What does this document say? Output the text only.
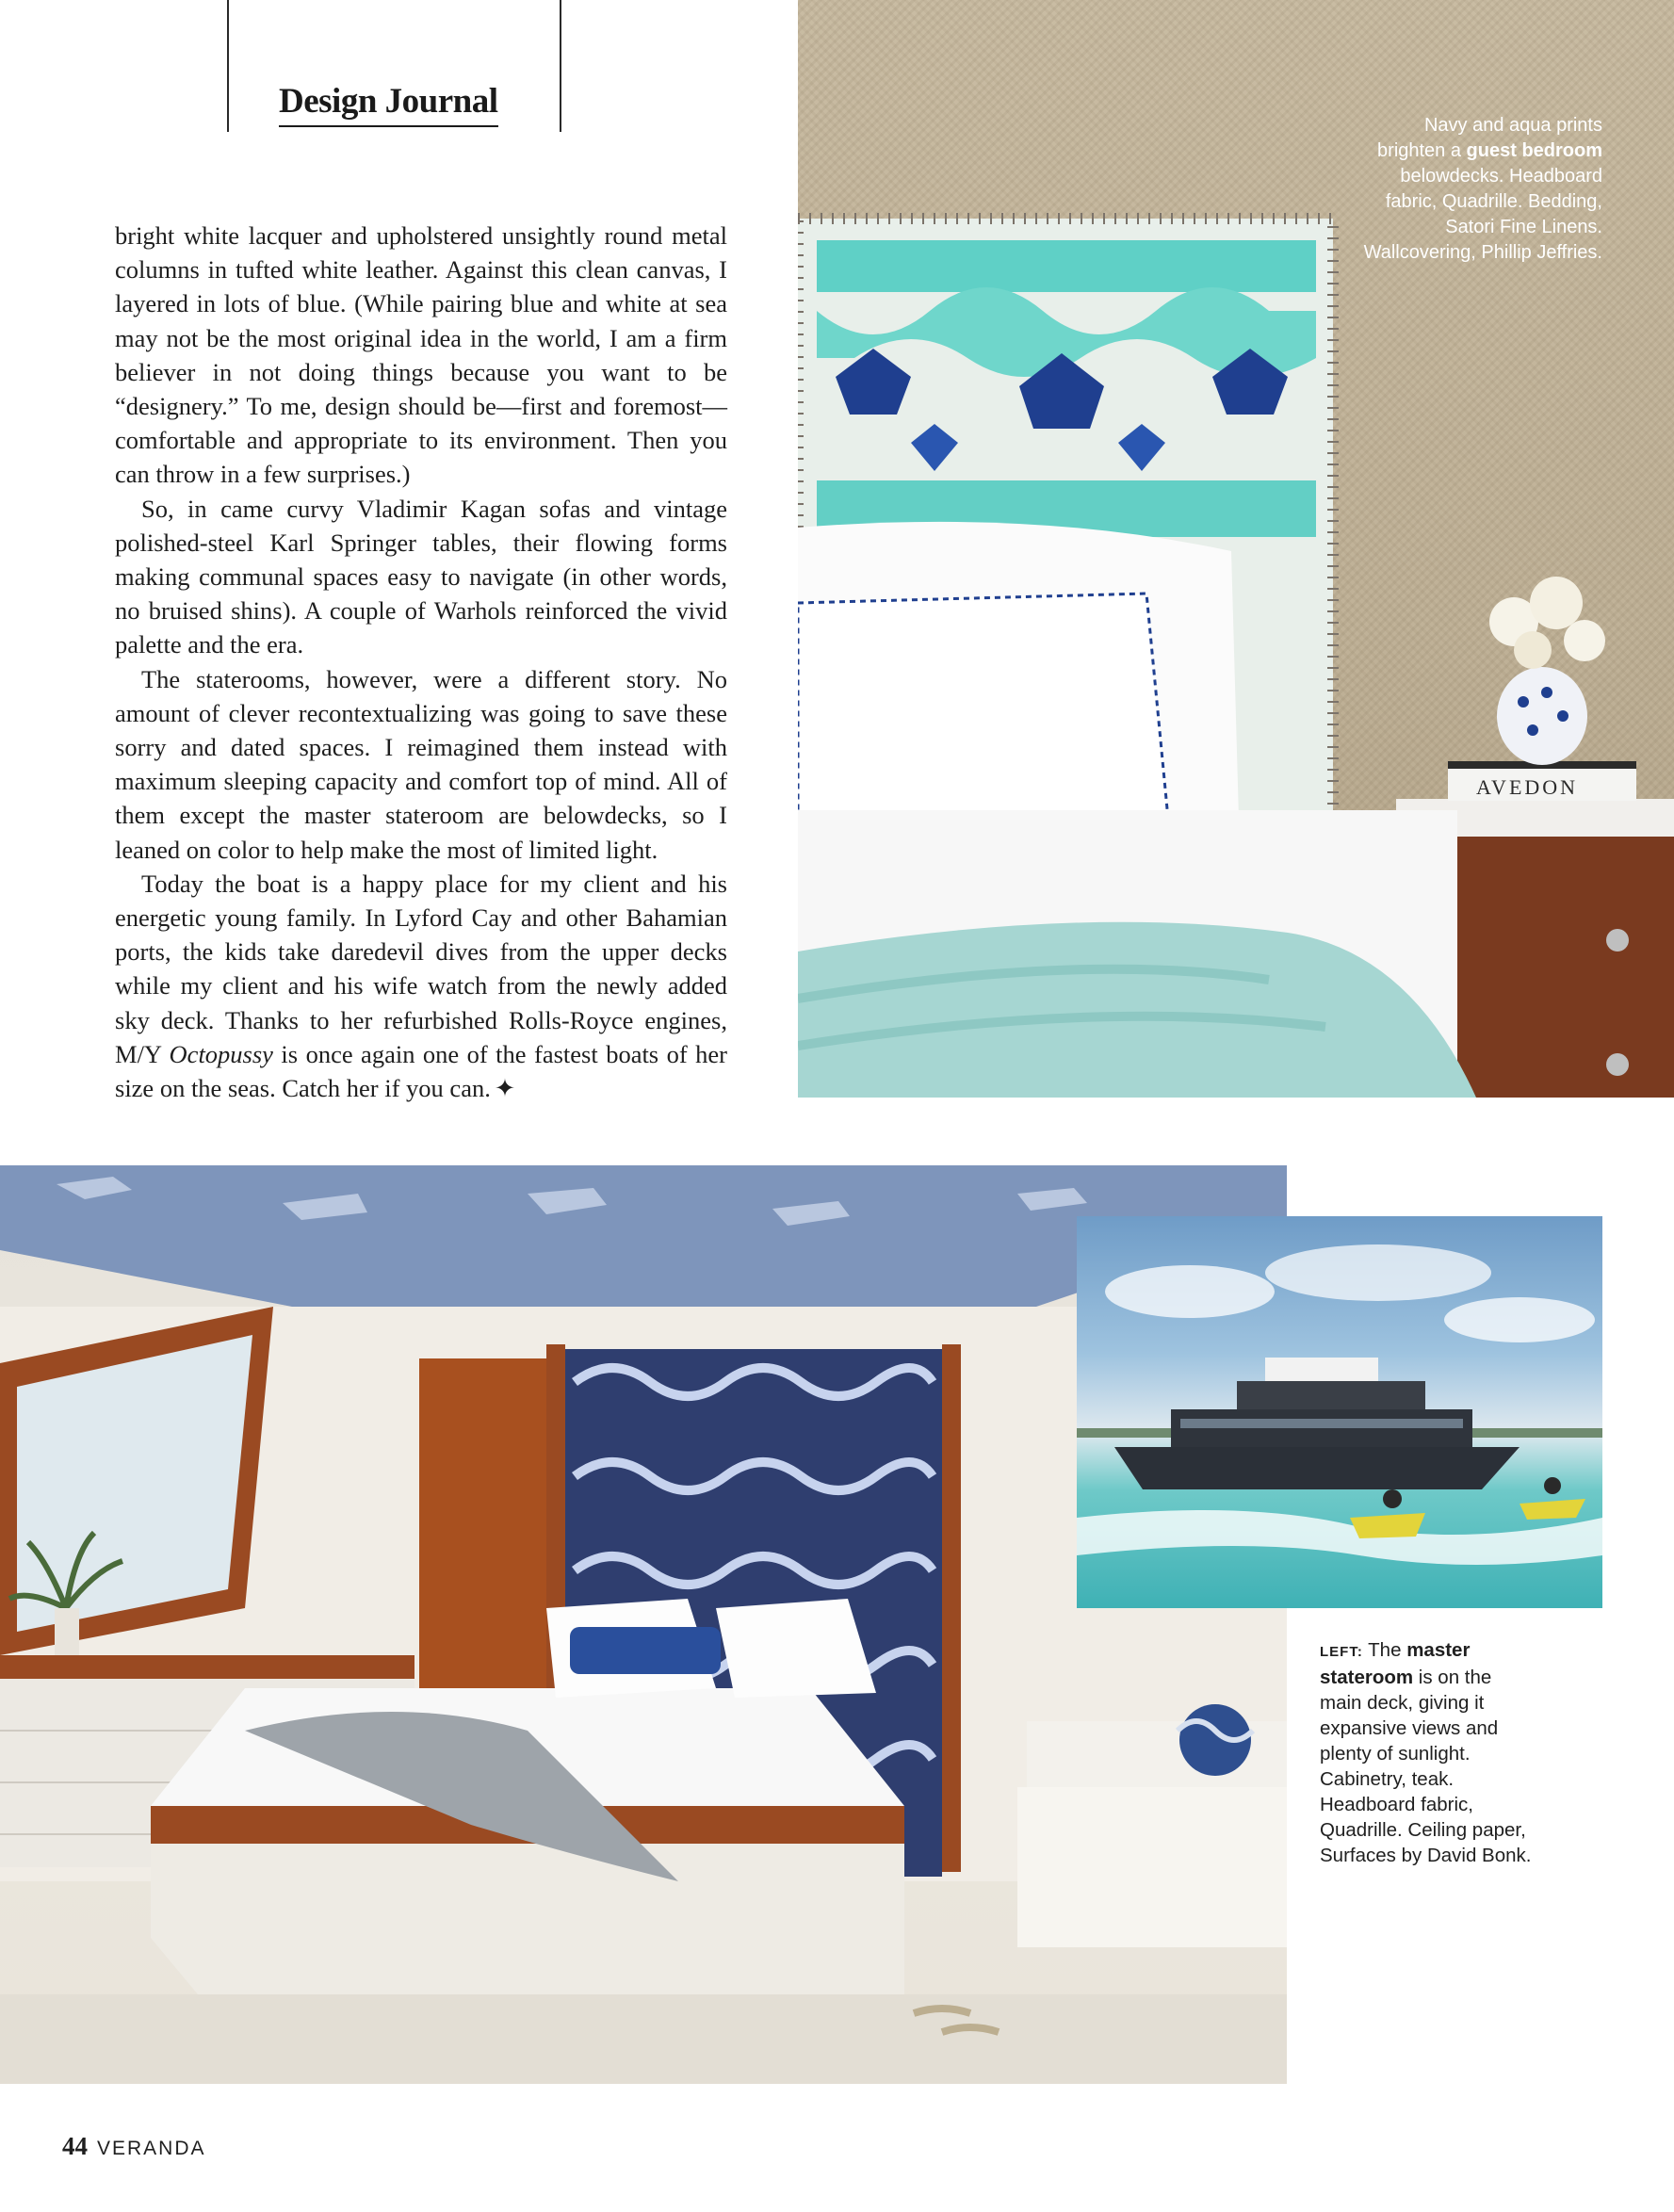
Design Journal

bright white lacquer and upholstered unsightly round metal columns in tufted white leather. Against this clean canvas, I layered in lots of blue. (While pairing blue and white at sea may not be the most original idea in the world, I am a firm believer in not doing things because you want to be “designery.” To me, design should be—first and foremost—comfortable and appropriate to its environment. Then you can throw in a few surprises.)

So, in came curvy Vladimir Kagan sofas and vintage polished-steel Karl Springer tables, their flowing forms making communal spaces easy to navigate (in other words, no bruised shins). A couple of Warhols reinforced the vivid palette and the era.

The staterooms, however, were a different story. No amount of clever recontextualizing was going to save these sorry and dated spaces. I reimagined them instead with maximum sleeping capacity and comfort top of mind. All of them except the master stateroom are belowdecks, so I leaned on color to help make the most of limited light.

Today the boat is a happy place for my client and his energetic young family. In Lyford Cay and other Bahamian ports, the kids take daredevil dives from the upper decks while my client and his wife watch from the newly added sky deck. Thanks to her refurbished Rolls-Royce engines, M/Y Octopussy is once again one of the fastest boats of her size on the seas. Catch her if you can. ✦

AVEDON
Navy and aqua prints brighten a guest bedroom belowdecks. Headboard fabric, Quadrille. Bedding, Satori Fine Linens. Wallcovering, Phillip Jeffries.
LEFT: The master stateroom is on the main deck, giving it expansive views and plenty of sunlight. Cabinetry, teak. Headboard fabric, Quadrille. Ceiling paper, Surfaces by David Bonk.
44 VERANDA
